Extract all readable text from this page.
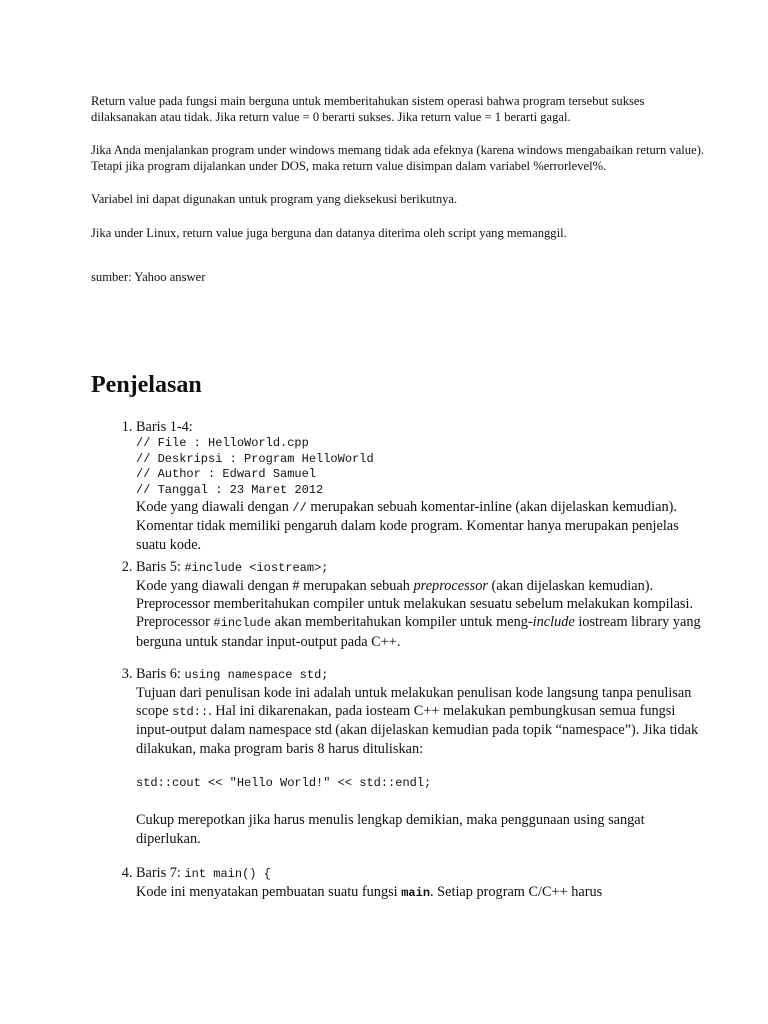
Return value pada fungsi main berguna untuk memberitahukan sistem operasi bahwa program tersebut sukses dilaksanakan atau tidak. Jika return value = 0 berarti sukses. Jika return value = 1 berarti gagal.

Jika Anda menjalankan program under windows memang tidak ada efeknya (karena windows mengabaikan return value). Tetapi jika program dijalankan under DOS, maka return value disimpan dalam variabel %errorlevel%.

Variabel ini dapat digunakan untuk program yang dieksekusi berikutnya.

Jika under Linux, return value juga berguna dan datanya diterima oleh script yang memanggil.

sumber: Yahoo answer

Penjelasan
1. Baris 1-4:
// File : HelloWorld.cpp
// Deskripsi : Program HelloWorld
// Author : Edward Samuel
// Tanggal : 23 Maret 2012
Kode yang diawali dengan // merupakan sebuah komentar-inline (akan dijelaskan kemudian). Komentar tidak memiliki pengaruh dalam kode program. Komentar hanya merupakan penjelas suatu kode.
2. Baris 5: #include <iostream>;
Kode yang diawali dengan # merupakan sebuah preprocessor (akan dijelaskan kemudian). Preprocessor memberitahukan compiler untuk melakukan sesuatu sebelum melakukan kompilasi. Preprocessor #include akan memberitahukan kompiler untuk meng-include iostream library yang berguna untuk standar input-output pada C++.
3. Baris 6: using namespace std;
Tujuan dari penulisan kode ini adalah untuk melakukan penulisan kode langsung tanpa penulisan scope std::. Hal ini dikarenakan, pada iosteam C++ melakukan pembungkusan semua fungsi input-output dalam namespace std (akan dijelaskan kemudian pada topik “namespace”). Jika tidak dilakukan, maka program baris 8 harus dituliskan:
std::cout << "Hello World!" << std::endl;
Cukup merepotkan jika harus menulis lengkap demikian, maka penggunaan using sangat diperlukan.
4. Baris 7: int main() {
Kode ini menyatakan pembuatan suatu fungsi main. Setiap program C/C++ harus
